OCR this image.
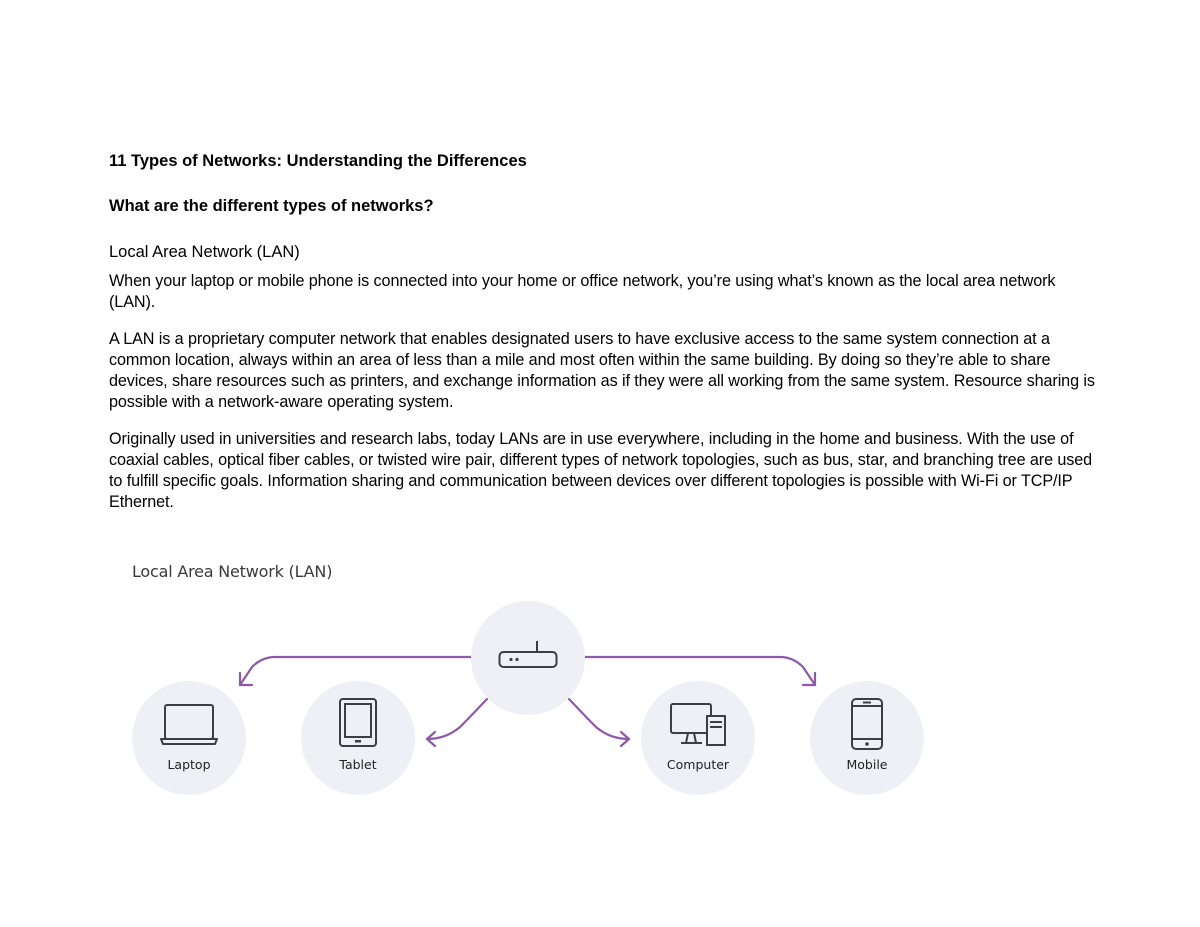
11 Types of Networks: Understanding the Differences
What are the different types of networks?
Local Area Network (LAN)

When your laptop or mobile phone is connected into your home or office network, you’re using what’s known as the local area network (LAN).

A LAN is a proprietary computer network that enables designated users to have exclusive access to the same system connection at a common location, always within an area of less than a mile and most often within the same building. By doing so they’re able to share devices, share resources such as printers, and exchange information as if they were all working from the same system. Resource sharing is possible with a network-aware operating system.

Originally used in universities and research labs, today LANs are in use everywhere, including in the home and business. With the use of coaxial cables, optical fiber cables, or twisted wire pair, different types of network topologies, such as bus, star, and branching tree are used to fulfill specific goals. Information sharing and communication between devices over different topologies is possible with Wi-Fi or TCP/IP Ethernet.

Local Area Network (LAN)
Laptop	Tablet	Computer	Mobile
